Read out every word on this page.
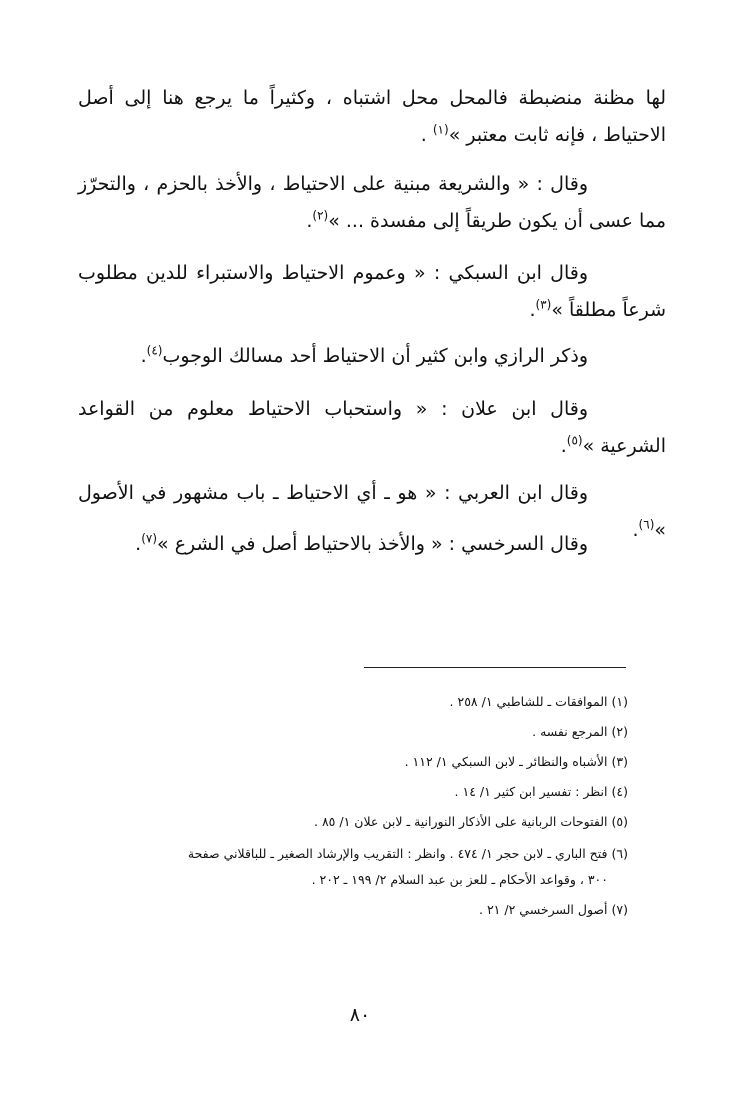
لها مظنة منضبطة فالمحل محل اشتباه ، وكثيراً ما يرجع هنا إلى أصل الاحتياط ، فإنه ثابت معتبر »$^{(١)}$ .
وقال : « والشريعة مبنية على الاحتياط ، والأخذ بالحزم ، والتحرّز مما عسى أن يكون طريقاً إلى مفسدة ... »$^{(٢)}$.
وقال ابن السبكي : « وعموم الاحتياط والاستبراء للدين مطلوب شرعاً مطلقاً »$^{(٣)}$.
وذكر الرازي وابن كثير أن الاحتياط أحد مسالك الوجوب$^{(٤)}$.
وقال ابن علان : « واستحباب الاحتياط معلوم من القواعد الشرعية »$^{(٥)}$.
وقال ابن العربي : « هو ـ أي الاحتياط ـ باب مشهور في الأصول »$^{(٦)}$.
وقال السرخسي : « والأخذ بالاحتياط أصل في الشرع »$^{(٧)}$.
(١)الموافقات ـ للشاطبي ١/ ٢٥٨ .
(٢)المرجع نفسه .
(٣)الأشباه والنظائر ـ لابن السبكي ١/ ١١٢ .
(٤)انظر : تفسير ابن كثير ١/ ١٤ .
(٥)الفتوحات الربانية على الأذكار النورانية ـ لابن علان ١/ ٨٥ .
(٦)فتح الباري ـ لابن حجر ١/ ٤٧٤ . وانظر : التقريب والإرشاد الصغير ـ للباقلاني صفحة
٣٠٠ ، وقواعد الأحكام ـ للعز بن عبد السلام ٢/ ١٩٩ ـ ٢٠٢ .
(٧)أصول السرخسي ٢/ ٢١ .
٨٠
